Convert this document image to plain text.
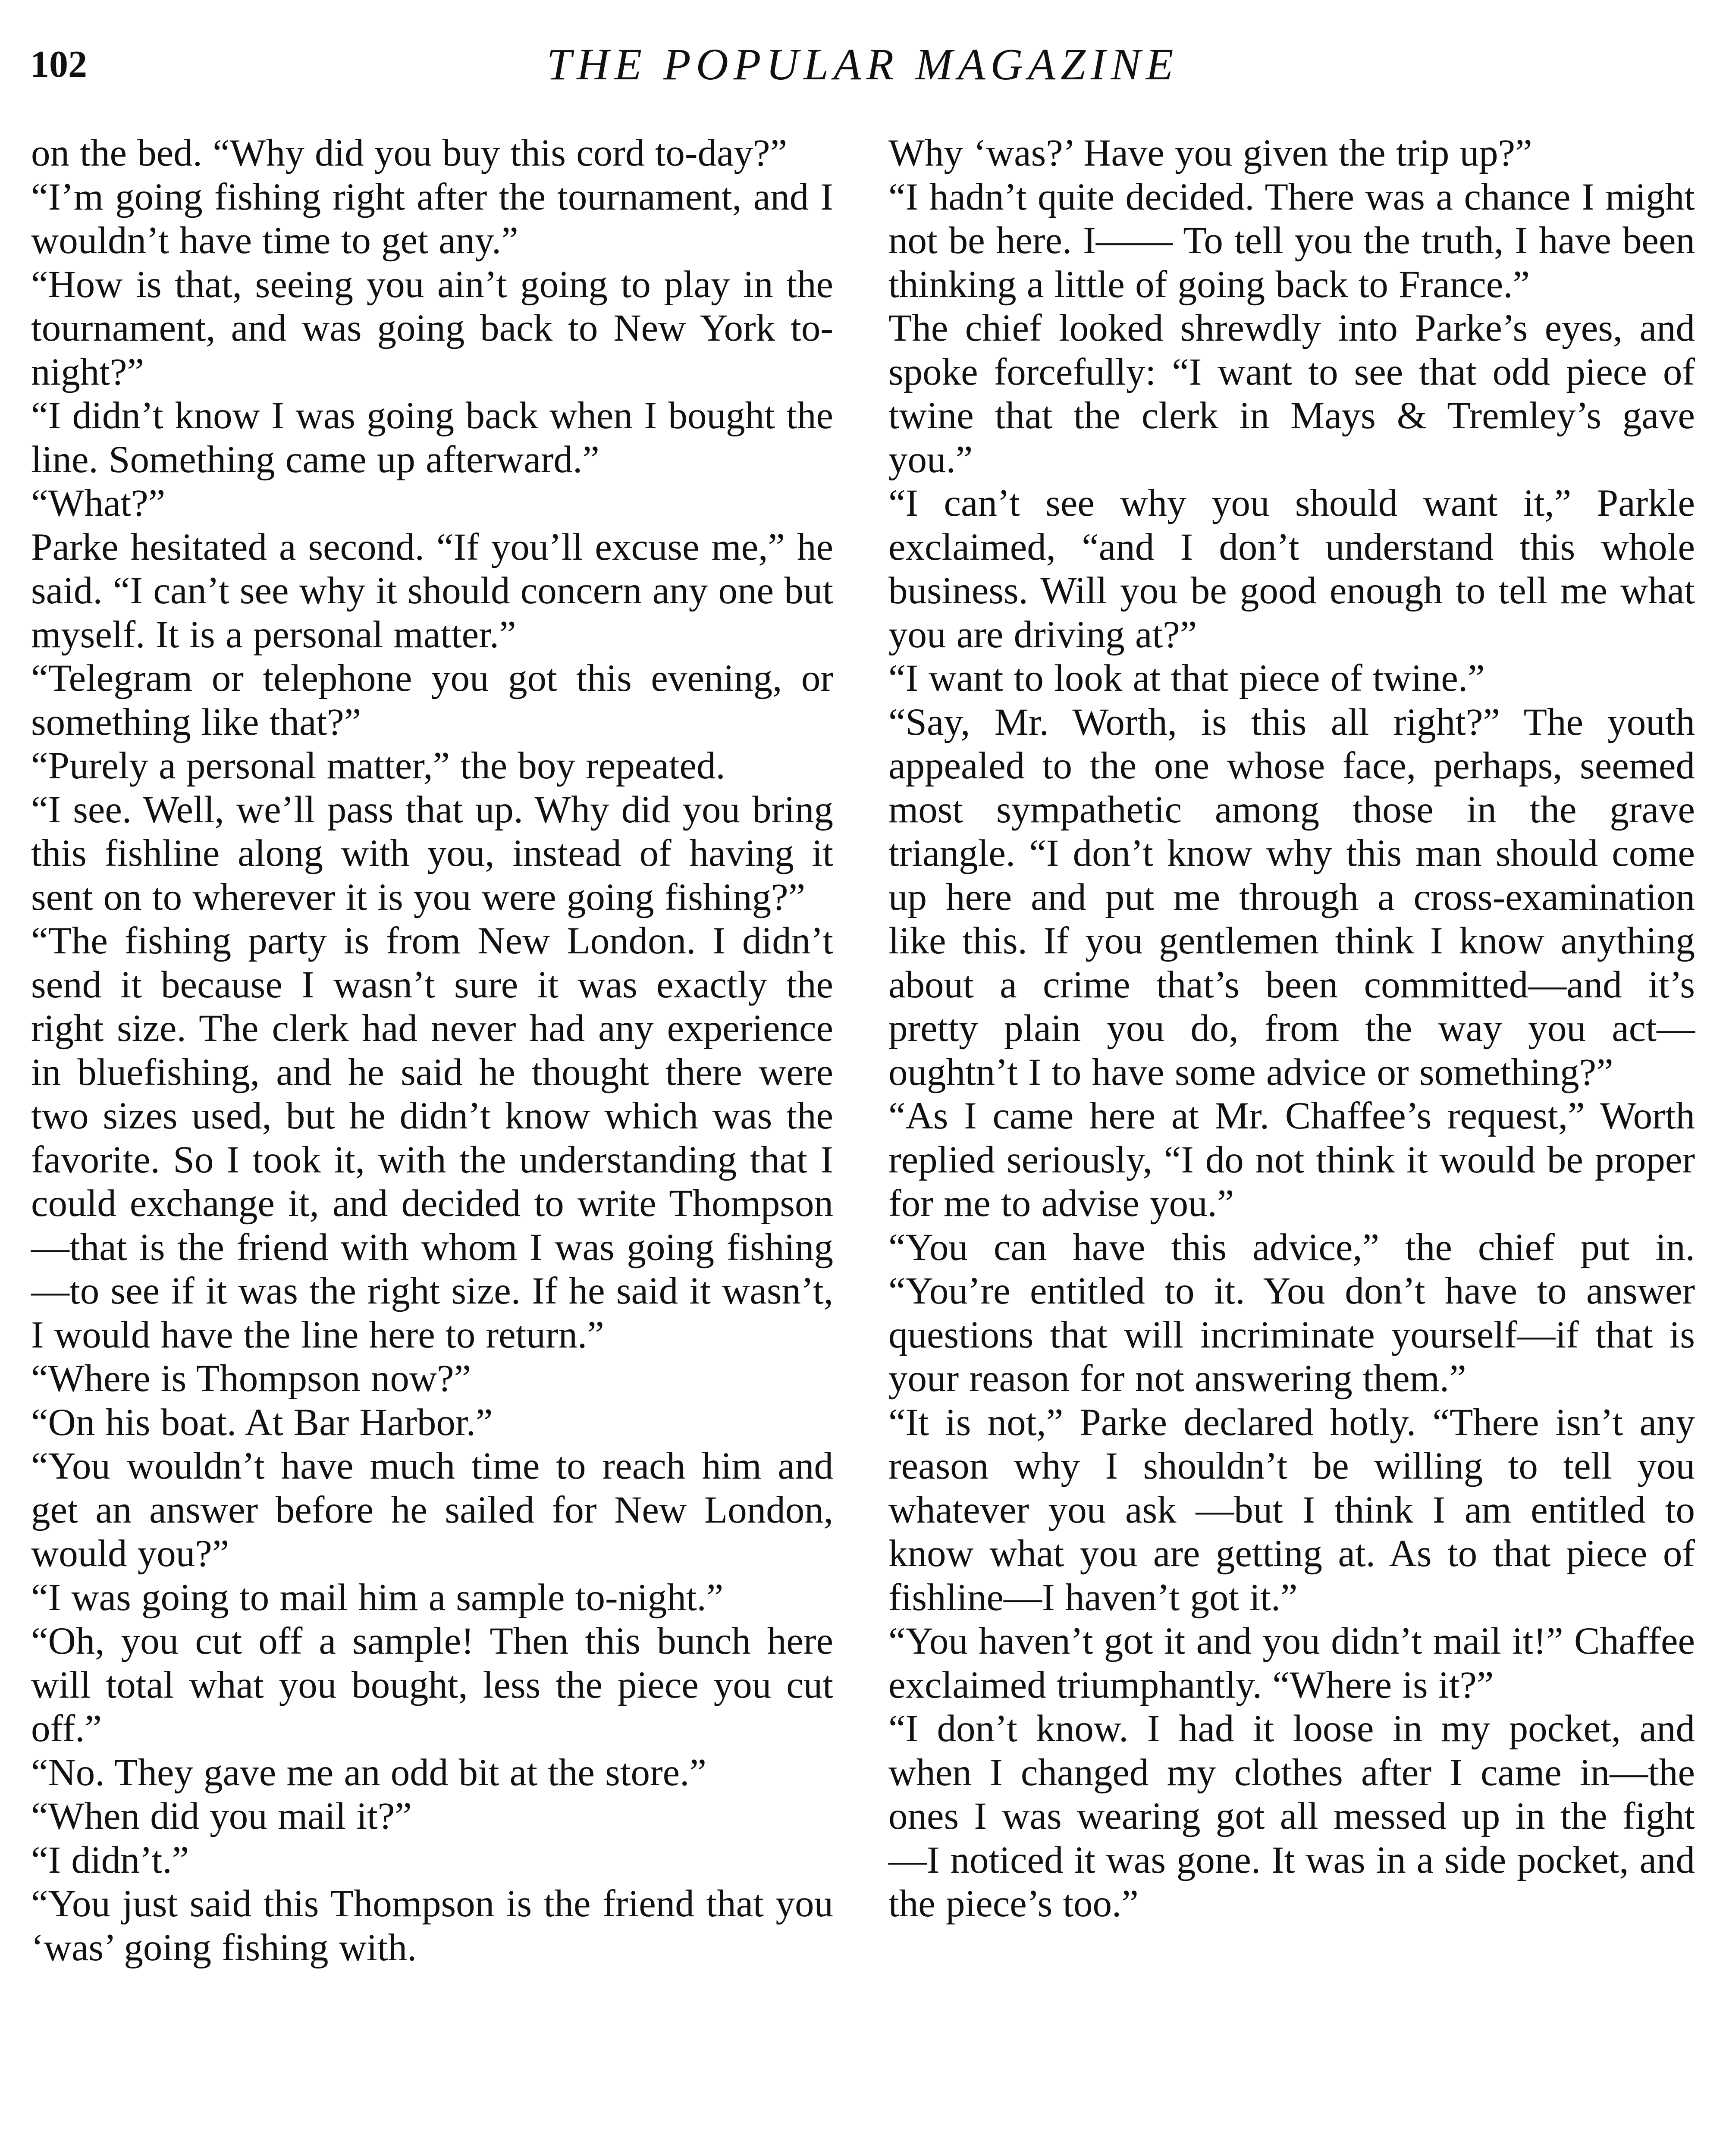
102	THE POPULAR MAGAZINE

on the bed. “Why did you buy this cord to-day?”

“I’m going fishing right after the tournament, and I wouldn’t have time to get any.”

“How is that, seeing you ain’t going to play in the tournament, and was going back to New York to-night?”

“I didn’t know I was going back when I bought the line. Something came up afterward.”

“What?”

Parke hesitated a second. “If you’ll excuse me,” he said. “I can’t see why it should concern any one but myself. It is a personal matter.”

“Telegram or telephone you got this evening, or something like that?”

“Purely a personal matter,” the boy repeated.

“I see. Well, we’ll pass that up. Why did you bring this fishline along with you, instead of having it sent on to wherever it is you were going fishing?”

“The fishing party is from New London. I didn’t send it because I wasn’t sure it was exactly the right size. The clerk had never had any experience in bluefishing, and he said he thought there were two sizes used, but he didn’t know which was the favorite. So I took it, with the understanding that I could exchange it, and decided to write Thompson—that is the friend with whom I was going fishing—to see if it was the right size. If he said it wasn’t, I would have the line here to return.”

“Where is Thompson now?”

“On his boat. At Bar Harbor.”

“You wouldn’t have much time to reach him and get an answer before he sailed for New London, would you?”

“I was going to mail him a sample to-night.”

“Oh, you cut off a sample! Then this bunch here will total what you bought, less the piece you cut off.”

“No. They gave me an odd bit at the store.”

“When did you mail it?”

“I didn’t.”

“You just said this Thompson is the friend that you ‘was’ going fishing with.

Why ‘was?’ Have you given the trip up?”

“I hadn’t quite decided. There was a chance I might not be here. I—— To tell you the truth, I have been thinking a little of going back to France.”

The chief looked shrewdly into Parke’s eyes, and spoke forcefully: “I want to see that odd piece of twine that the clerk in Mays & Tremley’s gave you.”

“I can’t see why you should want it,” Parkle exclaimed, “and I don’t understand this whole business. Will you be good enough to tell me what you are driving at?”

“I want to look at that piece of twine.”

“Say, Mr. Worth, is this all right?” The youth appealed to the one whose face, perhaps, seemed most sympathetic among those in the grave triangle. “I don’t know why this man should come up here and put me through a cross-examination like this. If you gentlemen think I know anything about a crime that’s been committed—and it’s pretty plain you do, from the way you act—oughtn’t I to have some advice or something?”

“As I came here at Mr. Chaffee’s request,” Worth replied seriously, “I do not think it would be proper for me to advise you.”

“You can have this advice,” the chief put in. “You’re entitled to it. You don’t have to answer questions that will incriminate yourself—if that is your reason for not answering them.”

“It is not,” Parke declared hotly. “There isn’t any reason why I shouldn’t be willing to tell you whatever you ask —but I think I am entitled to know what you are getting at. As to that piece of fishline—I haven’t got it.”

“You haven’t got it and you didn’t mail it!” Chaffee exclaimed triumphantly. “Where is it?”

“I don’t know. I had it loose in my pocket, and when I changed my clothes after I came in—the ones I was wearing got all messed up in the fight —I noticed it was gone. It was in a side pocket, and the piece’s too.”
